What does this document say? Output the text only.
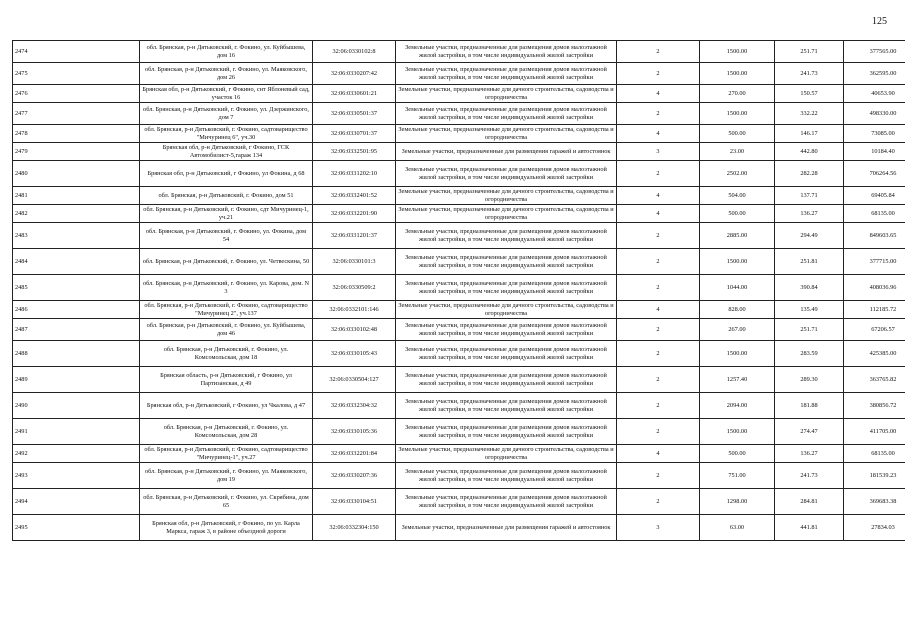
125
2474	обл. Брянская, р-н Дятьковский, г. Фокино, ул. Куйбышева, дом 16	32:06:0330102:8	Земельные участки, предназначенные для размещения домов малоэтажной жилой застройки, в том числе индивидуальной жилой застройки	2	1500.00	251.71	377565.00
2475	обл. Брянская, р-н Дятьковский, г. Фокино, ул. Маяковского, дом 26	32:06:0330207:42	Земельные участки, предназначенные для размещения домов малоэтажной жилой застройки, в том числе индивидуальной жилой застройки	2	1500.00	241.73	362595.00
2476	Брянская обл, р-н Дятьковский, г Фокино, снт Яблоневый сад, участок 16	32:06:0330601:21	Земельные участки, предназначенные для дачного строительства, садоводства и огородничества	4	270.00	150.57	40653.90
2477	обл. Брянская, р-н Дятьковский, г. Фокино, ул. Дзержинского, дом 7	32:06:0330501:37	Земельные участки, предназначенные для размещения домов малоэтажной жилой застройки, в том числе индивидуальной жилой застройки	2	1500.00	332.22	498330.00
2478	обл. Брянская, р-н Дятьковский, г. Фокино, садтоварищество "Мичуринец 6", уч.30	32:06:0330701:37	Земельные участки, предназначенные для дачного строительства, садоводства и огородничества	4	500.00	146.17	73085.00
2479	Брянская обл, р-н Дятьковский, г Фокино, ГСК Автомобилист-5,гараж 134	32:06:0332501:95	Земельные участки, предназначенные для размещения гаражей и автостоянок	3	23.00	442.80	10184.40
2480	Брянская обл, р-н Дятьковский, г Фокино, ул Фокина, д 68	32:06:0331202:10	Земельные участки, предназначенные для размещения домов малоэтажной жилой застройки, в том числе индивидуальной жилой застройки	2	2502.00	282.28	706264.56
2481	обл. Брянская, р-н Дятьковский, г. Фокино, дом 51	32:06:0332401:52	Земельные участки, предназначенные для дачного строительства, садоводства и огородничества	4	504.00	137.71	69405.84
2482	обл. Брянская, р-н Дятьковский, г. Фокино, сдт Мичуринец-1, уч.21	32:06:0332201:90	Земельные участки, предназначенные для дачного строительства, садоводства и огородничества	4	500.00	136.27	68135.00
2483	обл. Брянская, р-н Дятьковский, г. Фокино, ул. Фокина, дом 54	32:06:0331201:37	Земельные участки, предназначенные для размещения домов малоэтажной жилой застройки, в том числе индивидуальной жилой застройки	2	2885.00	294.49	849603.65
2484	обл. Брянская, р-н Дятьковский, г. Фокино, ул. Четвескина, 50	32:06:0330101:3	Земельные участки, предназначенные для размещения домов малоэтажной жилой застройки, в том числе индивидуальной жилой застройки	2	1500.00	251.81	377715.00
2485	обл. Брянская, р-н Дятьковский, г. Фокино, ул. Карова, дом. N 3	32:06:0330509:2	Земельные участки, предназначенные для размещения домов малоэтажной жилой застройки, в том числе индивидуальной жилой застройки	2	1044.00	390.84	408036.96
2486	обл. Брянская, р-н Дятьковский, г. Фокино, садтоварищество "Мичуринец 2", уч.137	32:06:0332101:146	Земельные участки, предназначенные для дачного строительства, садоводства и огородничества	4	828.00	135.49	112185.72
2487	обл. Брянская, р-н Дятьковский, г. Фокино, ул. Куйбышева, дом 46	32:06:0330102:48	Земельные участки, предназначенные для размещения домов малоэтажной жилой застройки, в том числе индивидуальной жилой застройки	2	267.00	251.71	67206.57
2488	обл. Брянская, р-н Дятьковский, г. Фокино, ул. Комсомольская, дом 18	32:06:0330105:43	Земельные участки, предназначенные для размещения домов малоэтажной жилой застройки, в том числе индивидуальной жилой застройки	2	1500.00	283.59	425385.00
2489	Брянская область, р-н Дятьковский, г Фокино, ул Партизанская, д 49	32:06:0330504:127	Земельные участки, предназначенные для размещения домов малоэтажной жилой застройки, в том числе индивидуальной жилой застройки	2	1257.40	289.30	363765.82
2490	Брянская обл, р-н Дятьковский, г Фокино, ул Чкалова, д 47	32:06:0332304:32	Земельные участки, предназначенные для размещения домов малоэтажной жилой застройки, в том числе индивидуальной жилой застройки	2	2094.00	181.88	380856.72
2491	обл. Брянская, р-н Дятьковский, г. Фокино, ул. Комсомольская, дом 28	32:06:0330105:36	Земельные участки, предназначенные для размещения домов малоэтажной жилой застройки, в том числе индивидуальной жилой застройки	2	1500.00	274.47	411705.00
2492	обл. Брянская, р-н Дятьковский, г. Фокино, садтоварищество "Мичуринец-1", уч.27	32:06:0332201:84	Земельные участки, предназначенные для дачного строительства, садоводства и огородничества	4	500.00	136.27	68135.00
2493	обл. Брянская, р-н Дятьковский, г. Фокино, ул. Маяковского, дом 19	32:06:0330207:36	Земельные участки, предназначенные для размещения домов малоэтажной жилой застройки, в том числе индивидуальной жилой застройки	2	751.00	241.73	181539.23
2494	обл. Брянская, р-н Дятьковский, г. Фокино, ул. Скрябина, дом 65	32:06:0330104:51	Земельные участки, предназначенные для размещения домов малоэтажной жилой застройки, в том числе индивидуальной жилой застройки	2	1298.00	284.81	369683.38
2495	Брянская обл, р-н Дятьковский, г Фокино, по ул. Карла Маркса, гараж 3, в районе объездной дороги	32:06:0332304:150	Земельные участки, предназначенные для размещения гаражей и автостоянок	3	63.00	441.81	27834.03
